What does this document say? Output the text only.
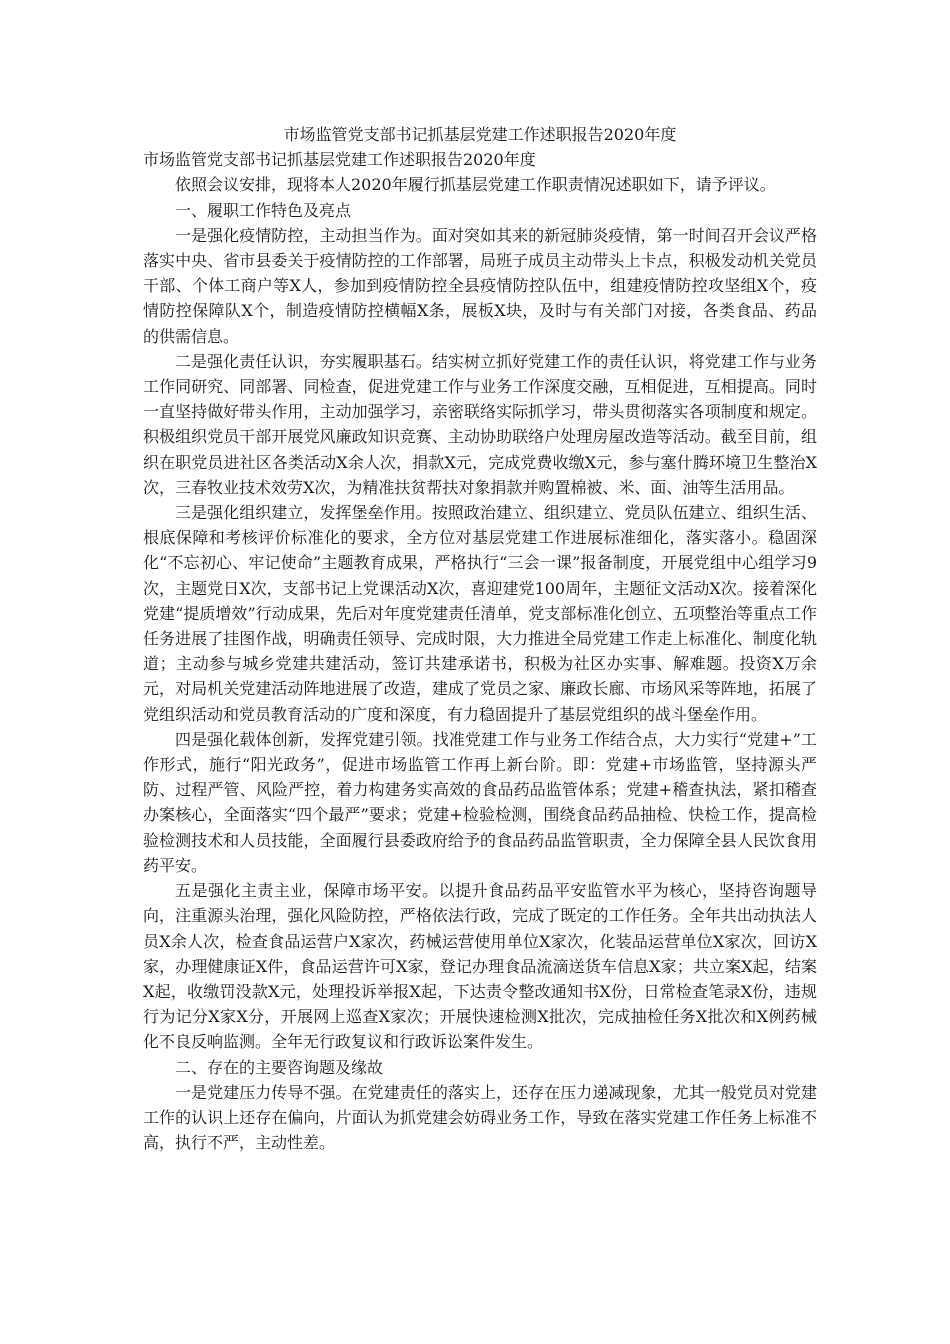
市场监管党支部书记抓基层党建工作述职报告2020年度

市场监管党支部书记抓基层党建工作述职报告2020年度

依照会议安排，现将本人2020年履行抓基层党建工作职责情况述职如下，请予评议。

一、履职工作特色及亮点

一是强化疫情防控，主动担当作为。面对突如其来的新冠肺炎疫情，第一时间召开会议严格落实中央、省市县委关于疫情防控的工作部署，局班子成员主动带头上卡点，积极发动机关党员干部、个体工商户等X人，参加到疫情防控全县疫情防控队伍中，组建疫情防控攻坚组X个，疫情防控保障队X个，制造疫情防控横幅X条，展板X块，及时与有关部门对接，各类食品、药品的供需信息。

二是强化责任认识，夯实履职基石。结实树立抓好党建工作的责任认识，将党建工作与业务工作同研究、同部署、同检查，促进党建工作与业务工作深度交融，互相促进，互相提高。同时一直坚持做好带头作用，主动加强学习，亲密联络实际抓学习，带头贯彻落实各项制度和规定。积极组织党员干部开展党风廉政知识竞赛、主动协助联络户处理房屋改造等活动。截至目前，组织在职党员进社区各类活动X余人次，捐款X元，完成党费收缴X元，参与塞什腾环境卫生整治X次，三春牧业技术效劳X次，为精准扶贫帮扶对象捐款并购置棉被、米、面、油等生活用品。

三是强化组织建立，发挥堡垒作用。按照政治建立、组织建立、党员队伍建立、组织生活、根底保障和考核评价标准化的要求，全方位对基层党建工作进展标准细化，落实落小。稳固深化“不忘初心、牢记使命”主题教育成果，严格执行“三会一课”报备制度，开展党组中心组学习9次，主题党日X次，支部书记上党课活动X次，喜迎建党100周年，主题征文活动X次。接着深化党建“提质增效”行动成果，先后对年度党建责任清单，党支部标准化创立、五项整治等重点工作任务进展了挂图作战，明确责任领导、完成时限，大力推进全局党建工作走上标准化、制度化轨道；主动参与城乡党建共建活动，签订共建承诺书，积极为社区办实事、解难题。投资X万余元，对局机关党建活动阵地进展了改造，建成了党员之家、廉政长廊、市场风采等阵地，拓展了党组织活动和党员教育活动的广度和深度，有力稳固提升了基层党组织的战斗堡垒作用。

四是强化载体创新，发挥党建引领。找准党建工作与业务工作结合点，大力实行“党建+”工作形式，施行“阳光政务”，促进市场监管工作再上新台阶。即：党建+市场监管，坚持源头严防、过程严管、风险严控，着力构建务实高效的食品药品监管体系；党建+稽查执法，紧扣稽查办案核心，全面落实“四个最严”要求；党建+检验检测，围绕食品药品抽检、快检工作，提高检验检测技术和人员技能，全面履行县委政府给予的食品药品监管职责，全力保障全县人民饮食用药平安。

五是强化主责主业，保障市场平安。以提升食品药品平安监管水平为核心，坚持咨询题导向，注重源头治理，强化风险防控，严格依法行政，完成了既定的工作任务。全年共出动执法人员X余人次，检查食品运营户X家次，药械运营使用单位X家次，化装品运营单位X家次，回访X家，办理健康证X件，食品运营许可X家，登记办理食品流滴送货车信息X家；共立案X起，结案X起，收缴罚没款X元，处理投诉举报X起，下达责令整改通知书X份，日常检查笔录X份，违规行为记分X家X分，开展网上巡查X家次；开展快速检测X批次，完成抽检任务X批次和X例药械化不良反响监测。全年无行政复议和行政诉讼案件发生。

二、存在的主要咨询题及缘故

一是党建压力传导不强。在党建责任的落实上，还存在压力递减现象，尤其一般党员对党建工作的认识上还存在偏向，片面认为抓党建会妨碍业务工作，导致在落实党建工作任务上标准不高，执行不严，主动性差。
